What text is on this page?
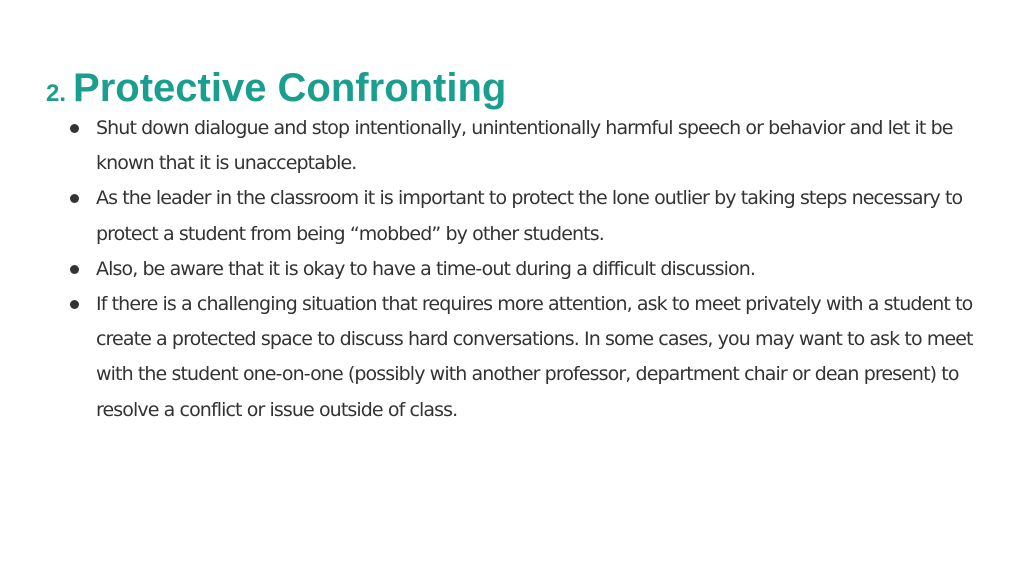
2. Protective Confronting
Shut down dialogue and stop intentionally, unintentionally harmful speech or behavior and let it be known that it is unacceptable.
As the leader in the classroom it is important to protect the lone outlier by taking steps necessary to protect a student from being “mobbed” by other students.
Also, be aware that it is okay to have a time-out during a difficult discussion.
If there is a challenging situation that requires more attention, ask to meet privately with a student to create a protected space to discuss hard conversations. In some cases, you may want to ask to meet with the student one-on-one (possibly with another professor, department chair or dean present) to resolve a conflict or issue outside of class.
